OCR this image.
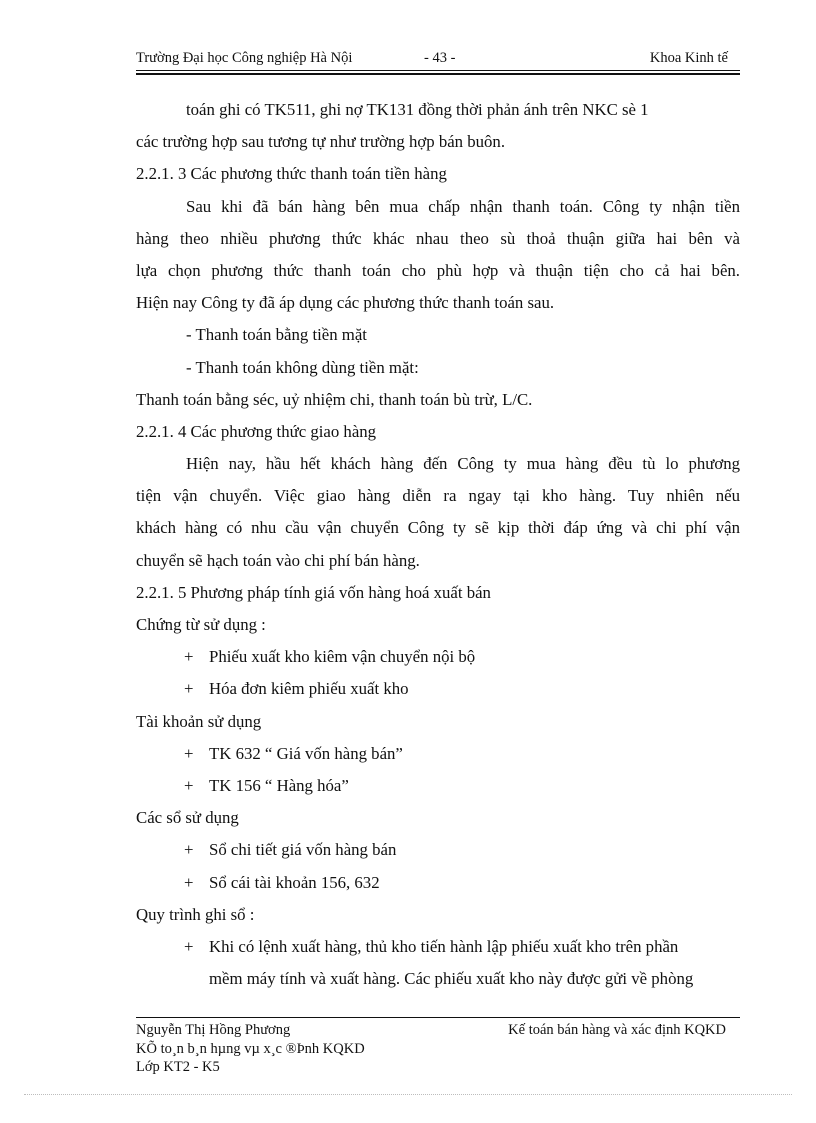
Trường Đại học Công nghiệp Hà Nội	- 43 -	Khoa Kinh tế
toán ghi có TK511, ghi nợ TK131 đồng thời phản ánh trên NKC sè 1
các trường hợp sau tương tự như trường hợp bán buôn.
2.2.1. 3 Các phương thức thanh toán tiền hàng
Sau khi đã bán hàng bên mua chấp nhận thanh toán. Công ty nhận tiền
hàng theo nhiều phương thức khác nhau theo sù thoả thuận giữa hai bên và
lựa chọn phương thức thanh toán cho phù hợp và thuận tiện cho cả hai bên.
Hiện nay Công ty đã áp dụng các phương thức thanh toán sau.
- Thanh toán bằng tiền mặt
- Thanh toán không dùng tiền mặt:
Thanh toán bằng séc, uỷ nhiệm chi, thanh toán bù trừ, L/C.
2.2.1. 4 Các phương thức giao hàng
Hiện nay, hầu hết khách hàng đến Công ty mua hàng đều tù lo phương
tiện vận chuyển. Việc giao hàng diễn ra ngay tại kho hàng. Tuy nhiên nếu
khách hàng có nhu cầu vận chuyển Công ty sẽ kịp thời đáp ứng và chi phí vận
chuyển sẽ hạch toán vào chi phí bán hàng.
2.2.1. 5 Phương pháp tính giá vốn hàng hoá xuất bán
Chứng từ sử dụng :
+ Phiếu xuất kho kiêm vận chuyển nội bộ
+ Hóa đơn kiêm phiếu xuất kho
Tài khoản sử dụng
+ TK 632 “ Giá vốn hàng bán”
+ TK 156 “ Hàng hóa”
Các sổ sử dụng
+ Sổ chi tiết giá vốn hàng bán
+ Sổ cái tài khoản 156, 632
Quy trình ghi sổ :
+ Khi có lệnh xuất hàng, thủ kho tiến hành lập phiếu xuất kho trên phần
mềm máy tính và xuất hàng. Các phiếu xuất kho này được gửi về phòng
Kế toán bán hàng và xác định KQKD
Nguyễn Thị Hồng Phương
KÕ to¸n b¸n hµng vµ x¸c ®Þnh KQKD
Lớp KT2 - K5
